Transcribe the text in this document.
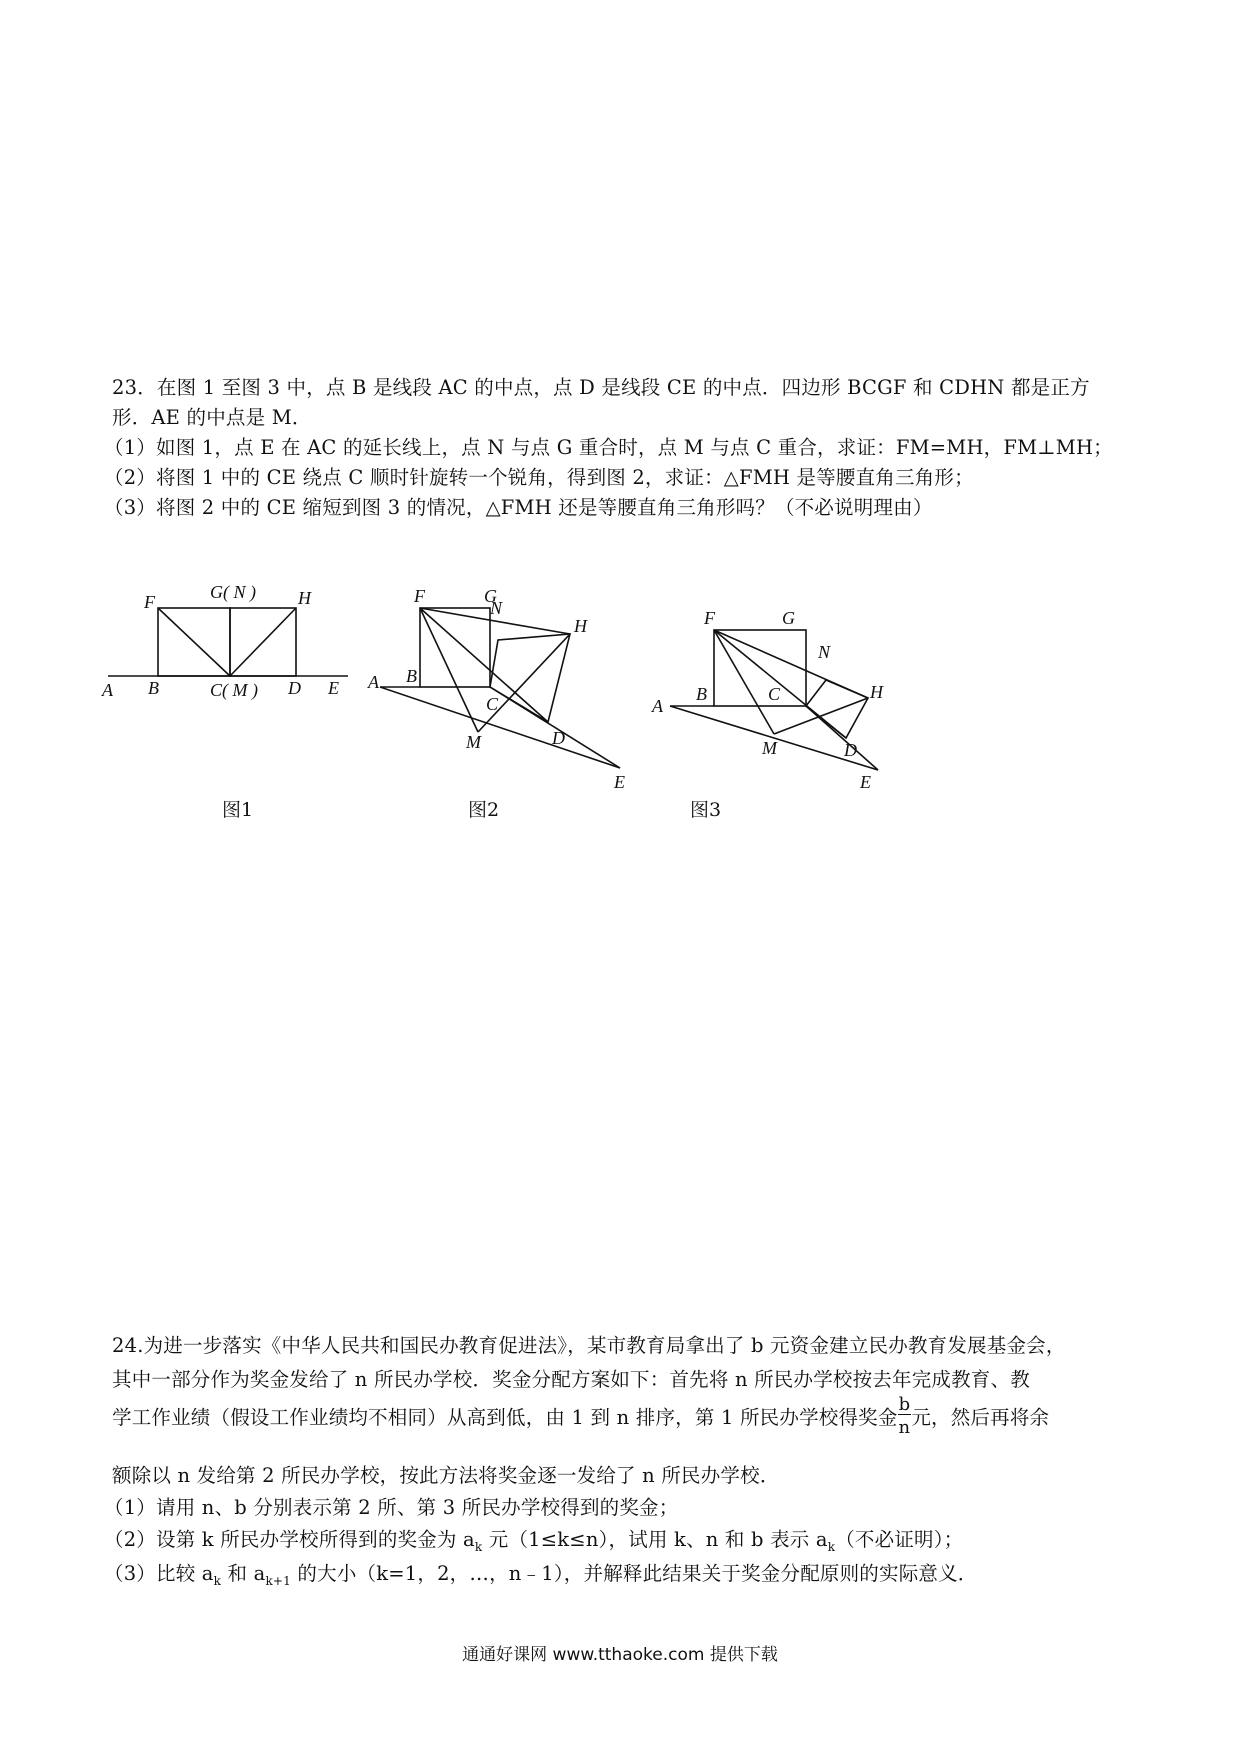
23．在图 1 至图 3 中，点 B 是线段 AC 的中点，点 D 是线段 CE 的中点．四边形 BCGF 和 CDHN 都是正方
形．AE 的中点是 M．
（1）如图 1，点 E 在 AC 的延长线上，点 N 与点 G 重合时，点 M 与点 C 重合，求证：FM=MH，FM⊥MH；
（2）将图 1 中的 CE 绕点 C 顺时针旋转一个锐角，得到图 2，求证：△FMH 是等腰直角三角形；
（3）将图 2 中的 CE 缩短到图 3 的情况，△FMH 还是等腰直角三角形吗？（不必说明理由）
A B	C( M ) D E
F	G( N ) H
图1
A B
C
D
E
F	G
H
M
N
图2
A
B	C
D
E
F	G
H
M
N
图3
24.为进一步落实《中华人民共和国民办教育促进法》，某市教育局拿出了 b 元资金建立民办教育发展基金会，
其中一部分作为奖金发给了 n 所民办学校．奖金分配方案如下：首先将 n 所民办学校按去年完成教育、教
学工作业绩（假设工作业绩均不相同）从高到低，由 1 到 n 排序，第 1 所民办学校得奖金 $\frac{b}{n}$ 元，然后再将余
额除以 n 发给第 2 所民办学校，按此方法将奖金逐一发给了 n 所民办学校．
（1）请用 n、b 分别表示第 2 所、第 3 所民办学校得到的奖金；
（2）设第 k 所民办学校所得到的奖金为 $a_k$ 元（1≤k≤n），试用 k、n 和 b 表示 $a_k$（不必证明）；
（3）比较 $a_k$ 和 $a_{k+1}$ 的大小（k=1，2，…，n﹣1），并解释此结果关于奖金分配原则的实际意义．
通通好课网 www.tthaoke.com 提供下载
